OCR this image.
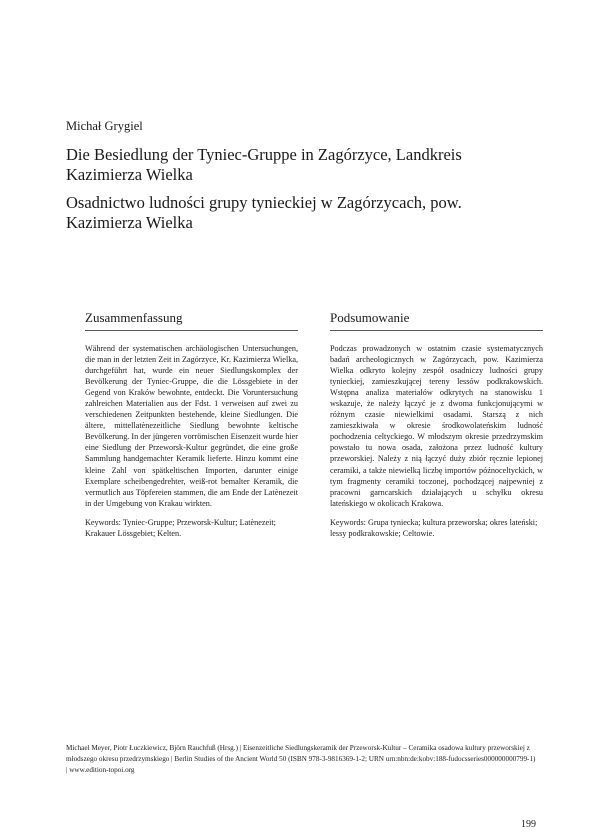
Michał Grygiel
Die Besiedlung der Tyniec-Gruppe in Zagórzyce, Landkreis Kazimierza Wielka
Osadnictwo ludności grupy tynieckiej w Zagórzycach, pow. Kazimierza Wielka
Zusammenfassung

Während der systematischen archäologischen Untersuchungen, die man in der letzten Zeit in Zagórzyce, Kr. Kazimierza Wielka, durchgeführt hat, wurde ein neuer Siedlungskomplex der Bevölkerung der Tyniec-Gruppe, die die Lössgebiete in der Gegend von Kraków bewohnte, entdeckt. Die Voruntersuchung zahlreichen Materialien aus der Fdst. 1 verweisen auf zwei zu verschiedenen Zeitpunkten bestehende, kleine Siedlungen. Die ältere, mittellatènezeitliche Siedlung bewohnte keltische Bevölkerung. In der jüngeren vorrömischen Eisenzeit wurde hier eine Siedlung der Przeworsk-Kultur gegründet, die eine große Sammlung handgemachter Keramik lieferte. Hinzu kommt eine kleine Zahl von spätkeltischen Importen, darunter einige Exemplare scheibengedrehter, weiß-rot bemalter Keramik, die vermutlich aus Töpfereien stammen, die am Ende der Latènezeit in der Umgebung von Krakau wirkten.

Keywords: Tyniec-Gruppe; Przeworsk-Kultur; Latènezeit; Krakauer Lössgebiet; Kelten.

Podsumowanie

Podczas prowadzonych w ostatnim czasie systematycznych badań archeologicznych w Zagórzycach, pow. Kazimierza Wielka odkryto kolejny zespół osadniczy ludności grupy tynieckiej, zamieszkującej tereny lessów podkrakowskich. Wstępna analiza materiałów odkrytych na stanowisku 1 wskazuje, że należy łączyć je z dwoma funkcjonującymi w różnym czasie niewielkimi osadami. Starszą z nich zamieszkiwała w okresie środkowolateńskim ludność pochodzenia celtyckiego. W młodszym okresie przedrzymskim powstało tu nowa osada, założona przez ludność kultury przeworskiej. Należy z nią łączyć duży zbiór ręcznie lepionej ceramiki, a także niewielką liczbę importów późnoceltyckich, w tym fragmenty ceramiki toczonej, pochodzącej najpewniej z pracowni garncarskich działających u schyłku okresu lateńskiego w okolicach Krakowa.

Keywords: Grupa tyniecka; kultura przeworska; okres lateński; lessy podkrakowskie; Celtowie.

Michael Meyer, Piotr Łuczkiewicz, Björn Rauchfuß (Hrsg.) | Eisenzeitliche Siedlungskeramik der Przeworsk-Kultur – Ceramika osadowa kultury przeworskiej z młodszego okresu przedrzymskiego | Berlin Studies of the Ancient World 50 (ISBN 978-3-9816369-1-2; URN urn:nbn:de:kobv:188-fudocsseries000000000799-1) | www.edition-topoi.org
199
